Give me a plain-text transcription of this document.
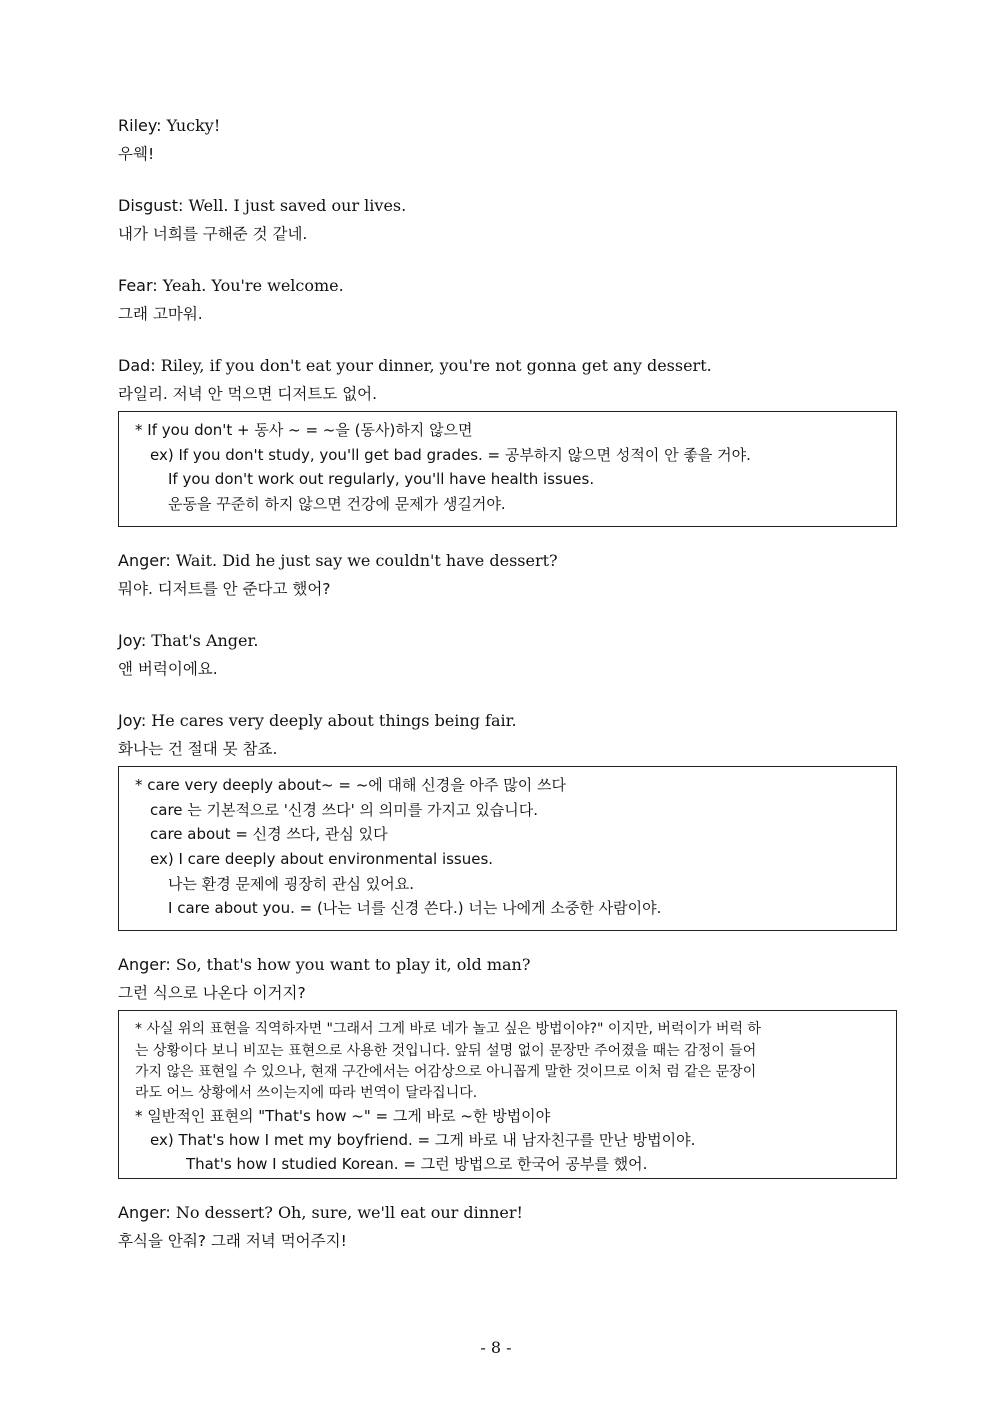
Riley: Yucky!
우웩!
Disgust: Well. I just saved our lives.
내가 너희를 구해준 것 같네.
Fear: Yeah. You're welcome.
그래 고마워.
Dad: Riley, if you don't eat your dinner, you're not gonna get any dessert.
라일리. 저녁 안 먹으면 디저트도 없어.
* If you don't + 동사 ~ = ~을 (동사)하지 않으면
ex) If you don't study, you'll get bad grades. = 공부하지 않으면 성적이 안 좋을 거야.
If you don't work out regularly, you'll have health issues.
운동을 꾸준히 하지 않으면 건강에 문제가 생길거야.
Anger: Wait. Did he just say we couldn't have dessert?
뭐야. 디저트를 안 준다고 했어?
Joy: That's Anger.
앤 버럭이에요.
Joy: He cares very deeply about things being fair.
화나는 건 절대 못 참죠.
* care very deeply about~ = ~에 대해 신경을 아주 많이 쓰다
care 는 기본적으로 '신경 쓰다' 의 의미를 가지고 있습니다.
care about = 신경 쓰다, 관심 있다
ex) I care deeply about environmental issues.
나는 환경 문제에 굉장히 관심 있어요.
I care about you. = (나는 너를 신경 쓴다.) 너는 나에게 소중한 사람이야.
Anger: So, that's how you want to play it, old man?
그런 식으로 나온다 이거지?
* 사실 위의 표현을 직역하자면 "그래서 그게 바로 네가 놀고 싶은 방법이야?" 이지만, 버럭이가 버럭 하
는 상황이다 보니 비꼬는 표현으로 사용한 것입니다. 앞뒤 설명 없이 문장만 주어졌을 때는 감정이 들어
가지 않은 표현일 수 있으나, 현재 구간에서는 어감상으로 아니꼽게 말한 것이므로 이처 럼 같은 문장이
라도 어느 상황에서 쓰이는지에 따라 번역이 달라집니다.
* 일반적인 표현의 "That's how ~" = 그게 바로 ~한 방법이야
ex) That's how I met my boyfriend. = 그게 바로 내 남자친구를 만난 방법이야.
That's how I studied Korean. = 그런 방법으로 한국어 공부를 했어.
Anger: No dessert? Oh, sure, we'll eat our dinner!
후식을 안줘? 그래 저녁 먹어주지!
- 8 -
